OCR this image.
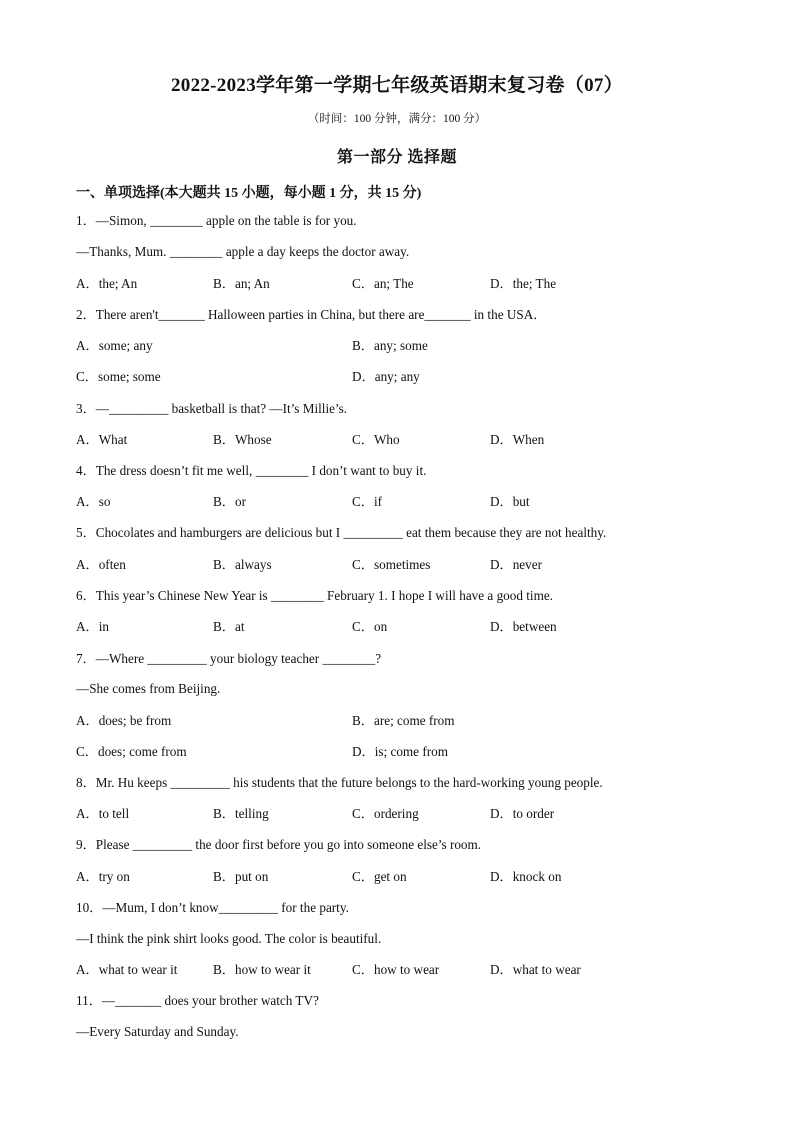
2022-2023学年第一学期七年级英语期末复习卷（07）
（时间：100 分钟，满分：100 分）
第一部分 选择题
一、单项选择(本大题共 15 小题，每小题 1 分，共 15 分)
1．—Simon, ________ apple on the table is for you.
—Thanks, Mum. ________ apple a day keeps the doctor away.
A．the; An	B．an; An	C．an; The	D．the; The
2．There aren't_______ Halloween parties in China, but there are_______ in the USA．
A．some; any	B．any; some
C．some; some	D．any; any
3．—_________ basketball is that? —It’s Millie’s.
A．What	B．Whose	C．Who	D．When
4．The dress doesn’t fit me well, ________ I don’t want to buy it.
A．so	B．or	C．if	D．but
5．Chocolates and hamburgers are delicious but I _________ eat them because they are not healthy.
A．often	B．always	C．sometimes	D．never
6．This year’s Chinese New Year is ________ February 1. I hope I will have a good time.
A．in	B．at	C．on	D．between
7．—Where _________ your biology teacher ________?
—She comes from Beijing.
A．does; be from	B．are; come from
C．does; come from	D．is; come from
8．Mr. Hu keeps _________ his students that the future belongs to the hard-working young people.
A．to tell	B．telling	C．ordering	D．to order
9．Please _________ the door first before you go into someone else’s room.
A．try on	B．put on	C．get on	D．knock on
10．—Mum, I don’t know_________ for the party.
—I think the pink shirt looks good. The color is beautiful.
A．what to wear it	B．how to wear it	C．how to wear	D．what to wear
11．—_______ does your brother watch TV?
—Every Saturday and Sunday.
